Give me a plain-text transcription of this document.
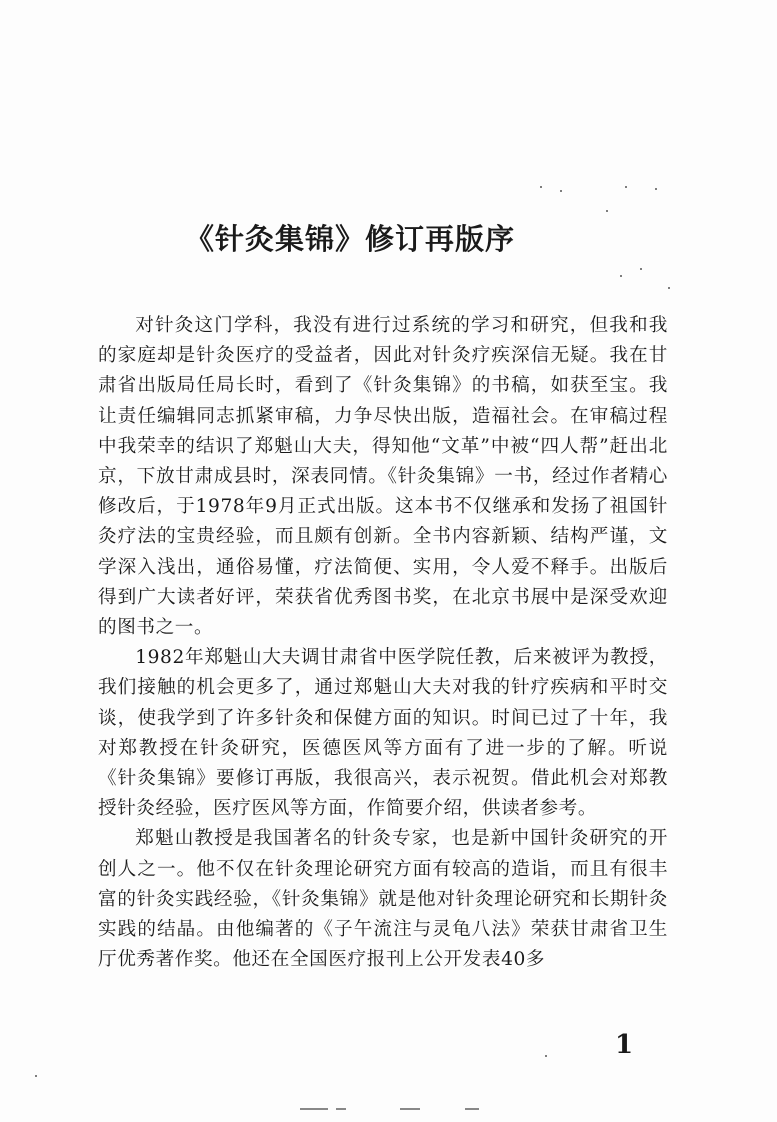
《针灸集锦》修订再版序

对针灸这门学科，我没有进行过系统的学习和研究，但我和我的家庭却是针灸医疗的受益者，因此对针灸疗疾深信无疑。我在甘肃省出版局任局长时，看到了《针灸集锦》的书稿，如获至宝。我让责任编辑同志抓紧审稿，力争尽快出版，造福社会。在审稿过程中我荣幸的结识了郑魁山大夫，得知他“文革”中被“四人帮”赶出北京，下放甘肃成县时，深表同情。《针灸集锦》一书，经过作者精心修改后，于1978年9月正式出版。这本书不仅继承和发扬了祖国针灸疗法的宝贵经验，而且颇有创新。全书内容新颖、结构严谨，文学深入浅出，通俗易懂，疗法简便、实用，令人爱不释手。出版后得到广大读者好评，荣获省优秀图书奖，在北京书展中是深受欢迎的图书之一。

1982年郑魁山大夫调甘肃省中医学院任教，后来被评为教授，我们接触的机会更多了，通过郑魁山大夫对我的针疗疾病和平时交谈，使我学到了许多针灸和保健方面的知识。时间已过了十年，我对郑教授在针灸研究，医德医风等方面有了进一步的了解。听说《针灸集锦》要修订再版，我很高兴，表示祝贺。借此机会对郑教授针灸经验，医疗医风等方面，作简要介绍，供读者参考。

郑魁山教授是我国著名的针灸专家，也是新中国针灸研究的开创人之一。他不仅在针灸理论研究方面有较高的造诣，而且有很丰富的针灸实践经验，《针灸集锦》就是他对针灸理论研究和长期针灸实践的结晶。由他编著的《子午流注与灵龟八法》荣获甘肃省卫生厅优秀著作奖。他还在全国医疗报刊上公开发表40多

1
